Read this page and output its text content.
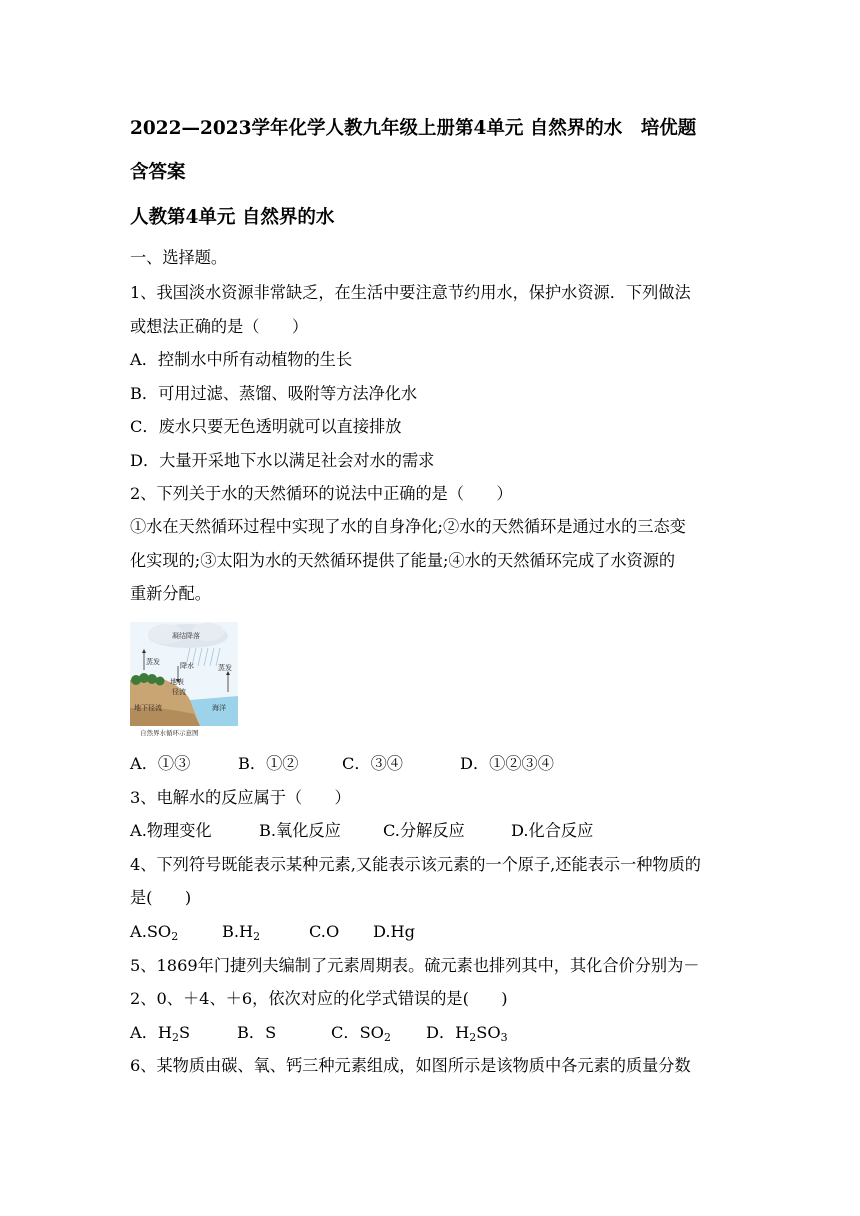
2022—2023学年化学人教九年级上册第4单元 自然界的水　培优题
含答案
人教第4单元 自然界的水
一、选择题。
1、我国淡水资源非常缺乏，在生活中要注意节约用水，保护水资源．下列做法
或想法正确的是（　　）
A．控制水中所有动植物的生长
B．可用过滤、蒸馏、吸附等方法净化水
C．废水只要无色透明就可以直接排放
D．大量开采地下水以满足社会对水的需求
2、下列关于水的天然循环的说法中正确的是（　　）
①水在天然循环过程中实现了水的自身净化;②水的天然循环是通过水的三态变
化实现的;③太阳为水的天然循环提供了能量;④水的天然循环完成了水资源的
重新分配。
凝结降落
蒸发	降水	蒸发
地表
径流
地下径流	海洋
自然界水循环示意图
A．①③	B．①②	C．③④	D．①②③④
3、电解水的反应属于（　　）
A.物理变化	B.氧化反应	C.分解反应	D.化合反应
4、下列符号既能表示某种元素,又能表示该元素的一个原子,还能表示一种物质的
是(　　)
$A.SO_2$	$B.H_2$	C.O D.Hg
5、1869年门捷列夫编制了元素周期表。硫元素也排列其中，其化合价分别为－
2、0、＋4、＋6，依次对应的化学式错误的是(　　)
A．$H_2S$	B．S	C．$SO_2$ D．$H_2SO_3$
6、某物质由碳、氧、钙三种元素组成，如图所示是该物质中各元素的质量分数
